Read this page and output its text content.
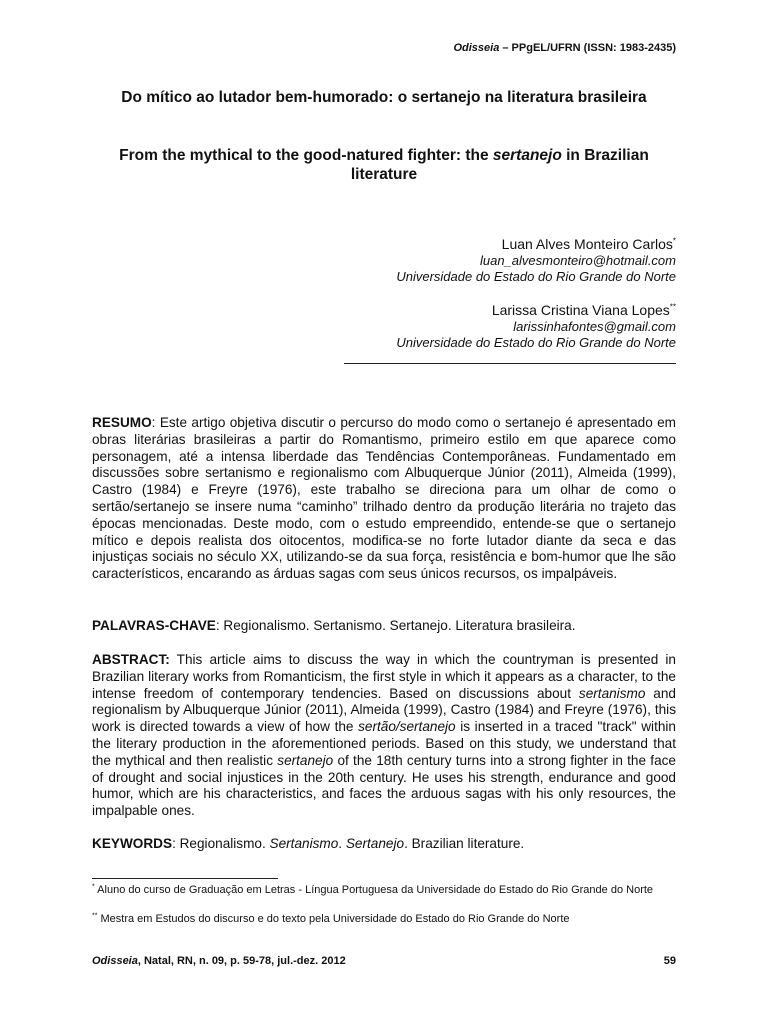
Odisseia – PPgEL/UFRN (ISSN: 1983-2435)
Do mítico ao lutador bem-humorado: o sertanejo na literatura brasileira
From the mythical to the good-natured fighter: the sertanejo in Brazilian literature
Luan Alves Monteiro Carlos*
luan_alvesmonteiro@hotmail.com
Universidade do Estado do Rio Grande do Norte
Larissa Cristina Viana Lopes**
larissinhafontes@gmail.com
Universidade do Estado do Rio Grande do Norte
RESUMO: Este artigo objetiva discutir o percurso do modo como o sertanejo é apresentado em obras literárias brasileiras a partir do Romantismo, primeiro estilo em que aparece como personagem, até a intensa liberdade das Tendências Contemporâneas. Fundamentado em discussões sobre sertanismo e regionalismo com Albuquerque Júnior (2011), Almeida (1999), Castro (1984) e Freyre (1976), este trabalho se direciona para um olhar de como o sertão/sertanejo se insere numa “caminho” trilhado dentro da produção literária no trajeto das épocas mencionadas. Deste modo, com o estudo empreendido, entende-se que o sertanejo mítico e depois realista dos oitocentos, modifica-se no forte lutador diante da seca e das injustiças sociais no século XX, utilizando-se da sua força, resistência e bom-humor que lhe são característicos, encarando as árduas sagas com seus únicos recursos, os impalpáveis.
PALAVRAS-CHAVE: Regionalismo. Sertanismo. Sertanejo. Literatura brasileira.
ABSTRACT: This article aims to discuss the way in which the countryman is presented in Brazilian literary works from Romanticism, the first style in which it appears as a character, to the intense freedom of contemporary tendencies. Based on discussions about sertanismo and regionalism by Albuquerque Júnior (2011), Almeida (1999), Castro (1984) and Freyre (1976), this work is directed towards a view of how the sertão/sertanejo is inserted in a traced "track" within the literary production in the aforementioned periods. Based on this study, we understand that the mythical and then realistic sertanejo of the 18th century turns into a strong fighter in the face of drought and social injustices in the 20th century. He uses his strength, endurance and good humor, which are his characteristics, and faces the arduous sagas with his only resources, the impalpable ones.
KEYWORDS: Regionalismo. Sertanismo. Sertanejo. Brazilian literature.
* Aluno do curso de Graduação em Letras - Língua Portuguesa da Universidade do Estado do Rio Grande do Norte
** Mestra em Estudos do discurso e do texto pela Universidade do Estado do Rio Grande do Norte
Odisseia, Natal, RN, n. 09, p. 59-78, jul.-dez. 2012	59
